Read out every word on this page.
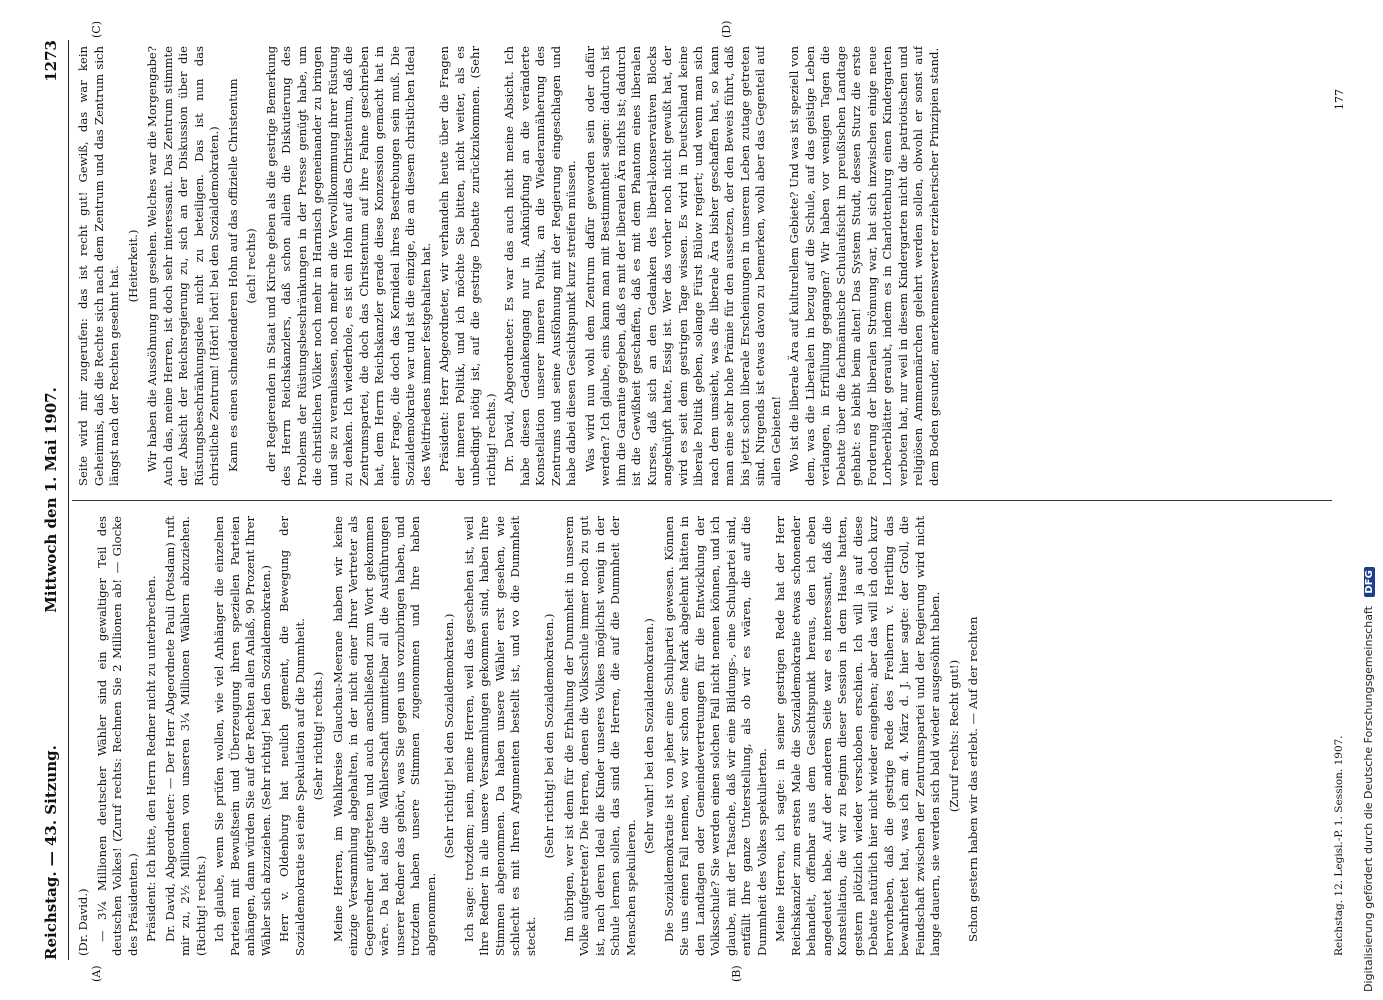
Reichstag. — 43. Sitzung.
Mittwoch den 1. Mai 1907.
1273
(A)	(B)
(C)	(D)

(Dr. David.) — 3¼ Millionen deutscher Wähler sind ein gewaltiger Teil des deutschen Volkes! (Zuruf rechts: Rechnen Sie 2 Millionen ab! — Glocke des Präsidenten.) Präsident: Ich bitte, den Herrn Redner nicht zu unterbrechen. Dr. David, Abgeordneter: — Der Herr Abgeordnete Pauli (Potsdam) ruft mir zu, 2½ Millionen von unseren 3¼ Millionen Wählern abzuziehen. (Richtig! rechts.) Ich glaube, wenn Sie prüfen wollen, wie viel Anhänger die einzelnen Parteien mit Bewußtsein und Überzeugung ihren speziellen Parteien anhängen, dann würden Sie auf der Rechten allen Anlaß, 90 Prozent Ihrer Wähler sich abzuziehen. (Sehr richtig! bei den Sozialdemokraten.) Herr v. Oldenburg hat neulich gemeint, die Bewegung der Sozialdemokratie sei eine Spekulation auf die Dummheit. (Sehr richtig! rechts.) Meine Herren, im Wahlkreise Glauchau-Meerane haben wir keine einzige Versammlung abgehalten, in der nicht einer Ihrer Vertreter als Gegenredner aufgetreten und auch anschließend zum Wort gekommen wäre. Da hat also die Wählerschaft unmittelbar all die Ausführungen unserer Redner das gehört, was Sie gegen uns vorzubringen haben, und trotzdem haben unsere Stimmen zugenommen und Ihre haben abgenommen.

(Sehr richtig! bei den Sozialdemokraten.) Ich sage: trotzdem; nein, meine Herren, weil das geschehen ist, weil Ihre Redner in alle unsere Versammlungen gekommen sind, haben Ihre Stimmen abgenommen. Da haben unsere Wähler erst gesehen, wie schlecht es mit Ihren Argumenten bestellt ist, und wo die Dummheit steckt.

(Sehr richtig! bei den Sozialdemokraten.) Im übrigen, wer ist denn für die Erhaltung der Dummheit in unserem Volke aufgetreten? Die Herren, denen die Volksschule immer noch zu gut ist, nach deren Ideal die Kinder unseres Volkes möglichst wenig in der Schule lernen sollen, das sind die Herren, die auf die Dummheit der Menschen spekulieren.

(Sehr wahr! bei den Sozialdemokraten.) Die Sozialdemokratie ist von jeher eine Schulpartei gewesen. Können Sie uns einen Fall nennen, wo wir schon eine Mark abgelehnt hätten in den Landtagen oder Gemeindevertretungen für die Entwicklung der Volksschule? Sie werden einen solchen Fall nicht nennen können, und ich glaube, mit der Tatsache, daß wir eine Bildungs-, eine Schulpartei sind, entfällt Ihre ganze Unterstellung, als ob wir es wären, die auf die Dummheit des Volkes spekulierten. Meine Herren, ich sagte: in seiner gestrigen Rede hat der Herr Reichskanzler zum ersten Male die Sozialdemokratie etwas schonender behandelt, offenbar aus dem Gesichtspunkt heraus, den ich eben angedeutet habe. Auf der anderen Seite war es interessant, daß die Konstellation, die wir zu Beginn dieser Session in dem Hause hatten, gestern plötzlich wieder verschoben erschien. Ich will ja auf diese Debatte natürlich hier nicht wieder eingehen; aber das will ich doch kurz hervorheben, daß die gestrige Rede des Freiherrn v. Hertling das bewahrheitet hat, was ich am 4. März d. J. hier sagte: der Groll, die Feindschaft zwischen der Zentrumspartei und der Regierung wird nicht lange dauern, sie werden sich bald wieder ausgesöhnt haben. (Zuruf rechts: Recht gut!) Schon gestern haben wir das erlebt. — Auf der rechten

Seite wird mir zugerufen: das ist recht gut! Gewiß, das war kein Geheimnis, daß die Rechte sich nach dem Zentrum und das Zentrum sich längst nach der Rechten gesehnt hat. (Heiterkeit.) Wir haben die Aussöhnung nun gesehen. Welches war die Morgengabe? Auch das, meine Herren, ist doch sehr interessant. Das Zentrum stimmte der Absicht der Reichsregierung zu, sich an der Diskussion über die Rüstungsbeschränkungsidee nicht zu beteiligen. Das ist nun das christliche Zentrum! (Hört! hört! bei den Sozialdemokraten.) Kann es einen schneidenderen Hohn auf das offizielle Christentum (ach! rechts) der Regierenden in Staat und Kirche geben als die gestrige Bemerkung des Herrn Reichskanzlers, daß schon allein die Diskutierung des Problems der Rüstungsbeschränkungen in der Presse genügt habe, um die christlichen Völker noch mehr in Harnisch gegeneinander zu bringen und sie zu veranlassen, noch mehr an die Vervollkommnung ihrer Rüstung zu denken. Ich wiederhole, es ist ein Hohn auf das Christentum, daß die Zentrumspartei, die doch das Christentum auf ihre Fahne geschrieben hat, dem Herrn Reichskanzler gerade diese Konzession gemacht hat in einer Frage, die doch das Kernideal ihres Bestrebungen sein muß. Die Sozialdemokratie war und ist die einzige, die an diesem christlichen Ideal des Weltfriedens immer festgehalten hat. Präsident: Herr Abgeordneter, wir verhandeln heute über die Fragen der inneren Politik, und ich möchte Sie bitten, nicht weiter, als es unbedingt nötig ist, auf die gestrige Debatte zurückzukommen. (Sehr richtig! rechts.) Dr. David, Abgeordneter: Es war das auch nicht meine Absicht. Ich habe diesen Gedankengang nur in Anknüpfung an die veränderte Konstellation unserer inneren Politik, an die Wiederannäherung des Zentrums und seine Ausföhnung mit der Regierung eingeschlagen und habe dabei diesen Gesichtspunkt kurz streifen müssen. Was wird nun wohl dem Zentrum dafür geworden sein oder dafür werden? Ich glaube, eins kann man mit Bestimmtheit sagen: dadurch ist ihm die Garantie gegeben, daß es mit der liberalen Ära nichts ist; dadurch ist die Gewißheit geschaffen, daß es mit dem Phantom eines liberalen Kurses, daß sich an den Gedanken des liberal-konservativen Blocks angeknüpft hatte, Essig ist. Wer das vorher noch nicht gewußt hat, der wird es seit dem gestrigen Tage wissen. Es wird in Deutschland keine liberale Politik geben, solange Fürst Bülow regiert; und wenn man sich nach dem umsieht, was die liberale Ära bisher geschaffen hat, so kann man eine sehr hohe Prämie für den aussetzen, der den Beweis führt, daß bis jetzt schon liberale Erscheinungen in unserem Leben zutage getreten sind. Nirgends ist etwas davon zu bemerken, wohl aber das Gegenteil auf allen Gebieten! Wo ist die liberale Ära auf kulturellem Gebiete? Und was ist speziell von dem, was die Liberalen in bezug auf die Schule, auf das geistige Leben verlangen, in Erfüllung gegangen? Wir haben vor wenigen Tagen die Debatte über die fachmännische Schulaufsicht im preußischen Landtage gehabt: es bleibt beim alten! Das System Studt, dessen Sturz die erste Forderung der liberalen Strömung war, hat sich inzwischen einige neue Lorbeerblätter geraubt, indem es in Charlottenburg einen Kindergarten verboten hat, nur weil in diesem Kindergarten nicht die patriotischen und religiösen Ammenmärchen gelehrt werden sollen, obwohl er sonst auf dem Boden gesunder, anerkennenswerter erzieherischer Prinzipien stand.

Reichstag. 12. Legisl.-P. 1. Session. 1907.
177
Digitalisierung gefördert durch die Deutsche Forschungsgemeinschaft DFG
